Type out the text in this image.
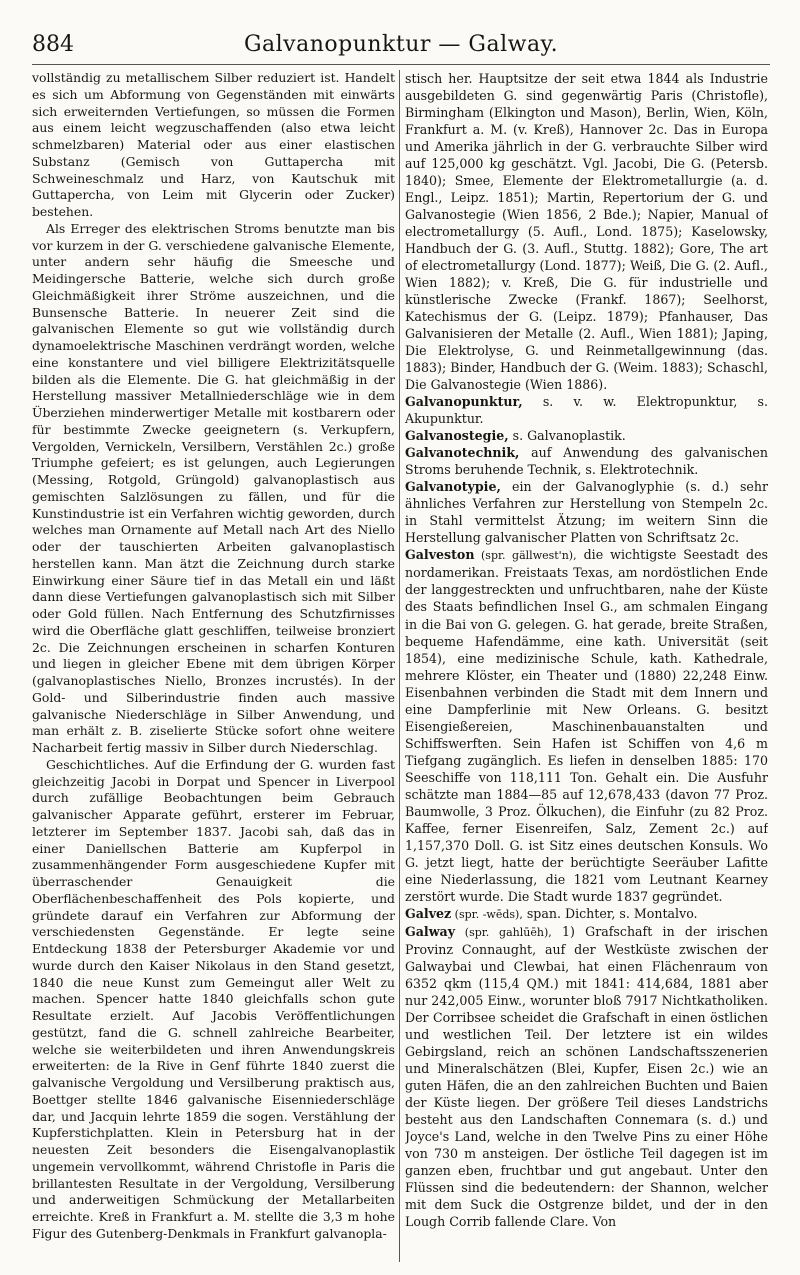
884	Galvanopunktur — Galway.

vollständig zu metallischem Silber reduziert ist. Handelt es sich um Abformung von Gegenständen mit einwärts sich erweiternden Vertiefungen, so müssen die Formen aus einem leicht wegzuschaffenden (also etwa leicht schmelzbaren) Material oder aus einer elastischen Substanz (Gemisch von Guttapercha mit Schweineschmalz und Harz, von Kautschuk mit Guttapercha, von Leim mit Glycerin oder Zucker) bestehen.

Als Erreger des elektrischen Stroms benutzte man bis vor kurzem in der G. verschiedene galvanische Elemente, unter andern sehr häufig die Smeesche und Meidingersche Batterie, welche sich durch große Gleichmäßigkeit ihrer Ströme auszeichnen, und die Bunsensche Batterie. In neuerer Zeit sind die galvanischen Elemente so gut wie vollständig durch dynamoelektrische Maschinen verdrängt worden, welche eine konstantere und viel billigere Elektrizitätsquelle bilden als die Elemente. Die G. hat gleichmäßig in der Herstellung massiver Metallniederschläge wie in dem Überziehen minderwertiger Metalle mit kostbarern oder für bestimmte Zwecke geeignetern (s. Verkupfern, Vergolden, Vernickeln, Versilbern, Verstählen 2c.) große Triumphe gefeiert; es ist gelungen, auch Legierungen (Messing, Rotgold, Grüngold) galvanoplastisch aus gemischten Salzlösungen zu fällen, und für die Kunstindustrie ist ein Verfahren wichtig geworden, durch welches man Ornamente auf Metall nach Art des Niello oder der tauschierten Arbeiten galvanoplastisch herstellen kann. Man ätzt die Zeichnung durch starke Einwirkung einer Säure tief in das Metall ein und läßt dann diese Vertiefungen galvanoplastisch sich mit Silber oder Gold füllen. Nach Entfernung des Schutzfirnisses wird die Oberfläche glatt geschliffen, teilweise bronziert 2c. Die Zeichnungen erscheinen in scharfen Konturen und liegen in gleicher Ebene mit dem übrigen Körper (galvanoplastisches Niello, Bronzes incrustés). In der Gold- und Silberindustrie finden auch massive galvanische Niederschläge in Silber Anwendung, und man erhält z. B. ziselierte Stücke sofort ohne weitere Nacharbeit fertig massiv in Silber durch Niederschlag.

Geschichtliches. Auf die Erfindung der G. wurden fast gleichzeitig Jacobi in Dorpat und Spencer in Liverpool durch zufällige Beobachtungen beim Gebrauch galvanischer Apparate geführt, ersterer im Februar, letzterer im September 1837. Jacobi sah, daß das in einer Daniellschen Batterie am Kupferpol in zusammenhängender Form ausgeschiedene Kupfer mit überraschender Genauigkeit die Oberflächenbeschaffenheit des Pols kopierte, und gründete darauf ein Verfahren zur Abformung der verschiedensten Gegenstände. Er legte seine Entdeckung 1838 der Petersburger Akademie vor und wurde durch den Kaiser Nikolaus in den Stand gesetzt, 1840 die neue Kunst zum Gemeingut aller Welt zu machen. Spencer hatte 1840 gleichfalls schon gute Resultate erzielt. Auf Jacobis Veröffentlichungen gestützt, fand die G. schnell zahlreiche Bearbeiter, welche sie weiterbildeten und ihren Anwendungskreis erweiterten: de la Rive in Genf führte 1840 zuerst die galvanische Vergoldung und Versilberung praktisch aus, Boettger stellte 1846 galvanische Eisenniederschläge dar, und Jacquin lehrte 1859 die sogen. Verstählung der Kupferstichplatten. Klein in Petersburg hat in der neuesten Zeit besonders die Eisengalvanoplastik ungemein vervollkommt, während Christofle in Paris die brillantesten Resultate in der Vergoldung, Versilberung und anderweitigen Schmückung der Metallarbeiten erreichte. Kreß in Frankfurt a. M. stellte die 3,3 m hohe Figur des Gutenberg-Denkmals in Frankfurt galvanopla-

stisch her. Hauptsitze der seit etwa 1844 als Industrie ausgebildeten G. sind gegenwärtig Paris (Christofle), Birmingham (Elkington und Mason), Berlin, Wien, Köln, Frankfurt a. M. (v. Kreß), Hannover 2c. Das in Europa und Amerika jährlich in der G. verbrauchte Silber wird auf 125,000 kg geschätzt. Vgl. Jacobi, Die G. (Petersb. 1840); Smee, Elemente der Elektrometallurgie (a. d. Engl., Leipz. 1851); Martin, Repertorium der G. und Galvanostegie (Wien 1856, 2 Bde.); Napier, Manual of electrometallurgy (5. Aufl., Lond. 1875); Kaselowsky, Handbuch der G. (3. Aufl., Stuttg. 1882); Gore, The art of electrometallurgy (Lond. 1877); Weiß, Die G. (2. Aufl., Wien 1882); v. Kreß, Die G. für industrielle und künstlerische Zwecke (Frankf. 1867); Seelhorst, Katechismus der G. (Leipz. 1879); Pfanhauser, Das Galvanisieren der Metalle (2. Aufl., Wien 1881); Japing, Die Elektrolyse, G. und Reinmetallgewinnung (das. 1883); Binder, Handbuch der G. (Weim. 1883); Schaschl, Die Galvanostegie (Wien 1886).

Galvanopunktur, s. v. w. Elektropunktur, s. Akupunktur.

Galvanostegie, s. Galvanoplastik.

Galvanotechnik, auf Anwendung des galvanischen Stroms beruhende Technik, s. Elektrotechnik.

Galvanotypie, ein der Galvanoglyphie (s. d.) sehr ähnliches Verfahren zur Herstellung von Stempeln 2c. in Stahl vermittelst Ätzung; im weitern Sinn die Herstellung galvanischer Platten von Schriftsatz 2c.

Galveston (spr. gällwest'n), die wichtigste Seestadt des nordamerikan. Freistaats Texas, am nordöstlichen Ende der langgestreckten und unfruchtbaren, nahe der Küste des Staats befindlichen Insel G., am schmalen Eingang in die Bai von G. gelegen. G. hat gerade, breite Straßen, bequeme Hafendämme, eine kath. Universität (seit 1854), eine medizinische Schule, kath. Kathedrale, mehrere Klöster, ein Theater und (1880) 22,248 Einw. Eisenbahnen verbinden die Stadt mit dem Innern und eine Dampferlinie mit New Orleans. G. besitzt Eisengießereien, Maschinenbauanstalten und Schiffswerften. Sein Hafen ist Schiffen von 4,6 m Tiefgang zugänglich. Es liefen in denselben 1885: 170 Seeschiffe von 118,111 Ton. Gehalt ein. Die Ausfuhr schätzte man 1884—85 auf 12,678,433 (davon 77 Proz. Baumwolle, 3 Proz. Ölkuchen), die Einfuhr (zu 82 Proz. Kaffee, ferner Eisenreifen, Salz, Zement 2c.) auf 1,157,370 Doll. G. ist Sitz eines deutschen Konsuls. Wo G. jetzt liegt, hatte der berüchtigte Seeräuber Lafitte eine Niederlassung, die 1821 vom Leutnant Kearney zerstört wurde. Die Stadt wurde 1837 gegründet.

Galvez (spr. -wēds), span. Dichter, s. Montalvo.

Galway (spr. gahlūēh), 1) Grafschaft in der irischen Provinz Connaught, auf der Westküste zwischen der Galwaybai und Clewbai, hat einen Flächenraum von 6352 qkm (115,4 QM.) mit 1841: 414,684, 1881 aber nur 242,005 Einw., worunter bloß 7917 Nichtkatholiken. Der Corribsee scheidet die Grafschaft in einen östlichen und westlichen Teil. Der letztere ist ein wildes Gebirgsland, reich an schönen Landschaftsszenerien und Mineralschätzen (Blei, Kupfer, Eisen 2c.) wie an guten Häfen, die an den zahlreichen Buchten und Baien der Küste liegen. Der größere Teil dieses Landstrichs besteht aus den Landschaften Connemara (s. d.) und Joyce's Land, welche in den Twelve Pins zu einer Höhe von 730 m ansteigen. Der östliche Teil dagegen ist im ganzen eben, fruchtbar und gut angebaut. Unter den Flüssen sind die bedeutendern: der Shannon, welcher mit dem Suck die Ostgrenze bildet, und der in den Lough Corrib fallende Clare. Von
